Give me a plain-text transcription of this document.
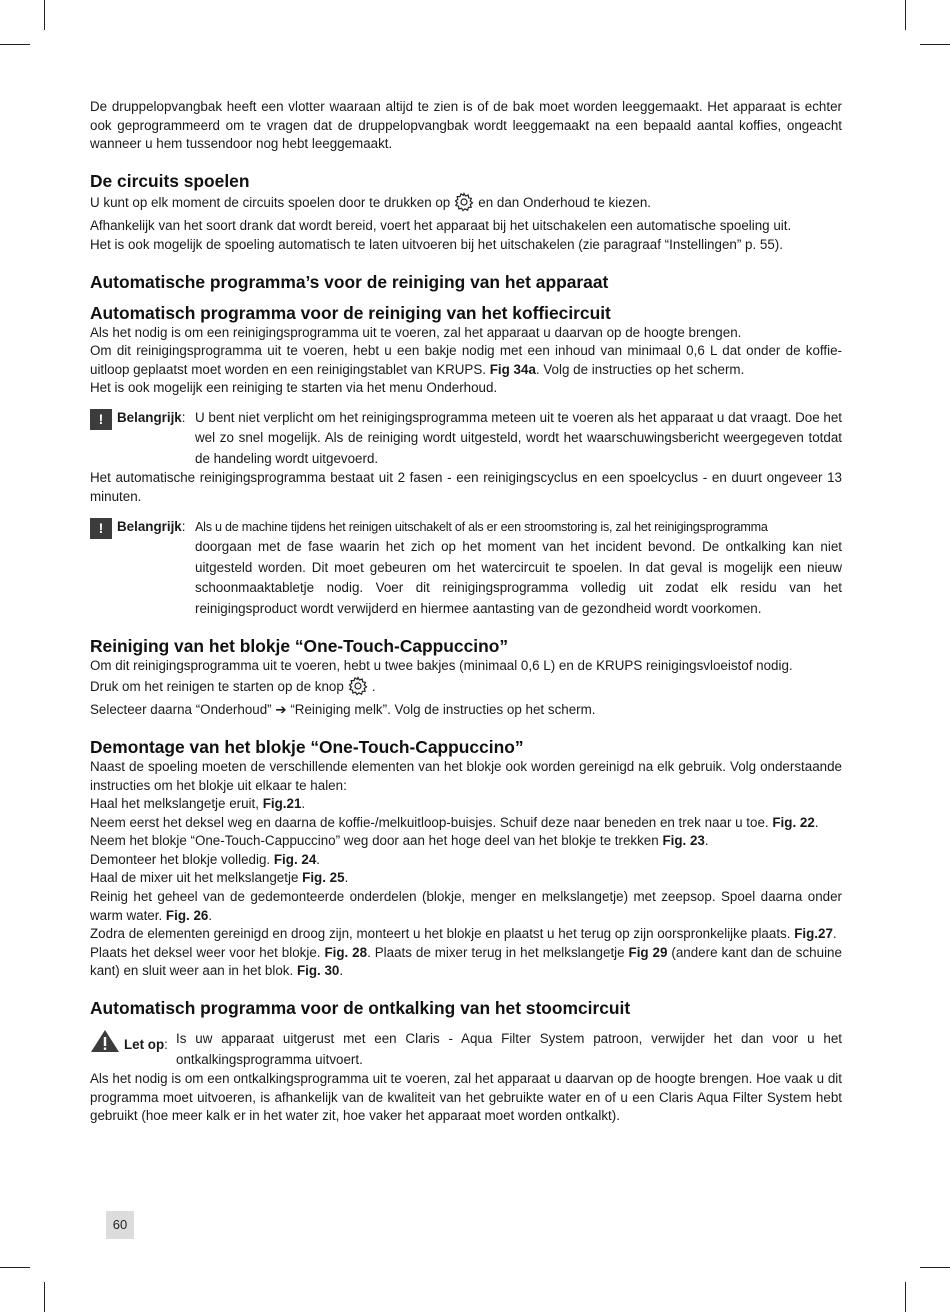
De druppelopvangbak heeft een vlotter waaraan altijd te zien is of de bak moet worden leeggemaakt. Het apparaat is echter ook geprogrammeerd om te vragen dat de druppelopvangbak wordt leeggemaakt na een bepaald aantal koffies, ongeacht wanneer u hem tussendoor nog hebt leeggemaakt.

De circuits spoelen

U kunt op elk moment de circuits spoelen door te drukken op en dan Onderhoud te kiezen.

Afhankelijk van het soort drank dat wordt bereid, voert het apparaat bij het uitschakelen een automatische spoeling uit.

Het is ook mogelijk de spoeling automatisch te laten uitvoeren bij het uitschakelen (zie paragraaf “Instellingen” p. 55).

Automatische programma’s voor de reiniging van het apparaat
Automatisch programma voor de reiniging van het koffiecircuit

Als het nodig is om een reinigingsprogramma uit te voeren, zal het apparaat u daarvan op de hoogte brengen.

Om dit reinigingsprogramma uit te voeren, hebt u een bakje nodig met een inhoud van minimaal 0,6 L dat onder de koffie-uitloop geplaatst moet worden en een reinigingstablet van KRUPS. Fig 34a. Volg de instructies op het scherm.

Het is ook mogelijk een reiniging te starten via het menu Onderhoud.

! Belangrijk: U bent niet verplicht om het reinigingsprogramma meteen uit te voeren als het apparaat u dat vraagt. Doe het wel zo snel mogelijk. Als de reiniging wordt uitgesteld, wordt het waarschuwingsbericht weergegeven totdat de handeling wordt uitgevoerd.

Het automatische reinigingsprogramma bestaat uit 2 fasen - een reinigingscyclus en een spoelcyclus - en duurt ongeveer 13 minuten.

! Belangrijk: Als u de machine tijdens het reinigen uitschakelt of als er een stroomstoring is, zal het reinigingsprogramma

doorgaan met de fase waarin het zich op het moment van het incident bevond. De ontkalking kan niet uitgesteld worden. Dit moet gebeuren om het watercircuit te spoelen. In dat geval is mogelijk een nieuw schoonmaaktabletje nodig. Voer dit reinigingsprogramma volledig uit zodat elk residu van het reinigingsproduct wordt verwijderd en hiermee aantasting van de gezondheid wordt voorkomen.

Reiniging van het blokje “One-Touch-Cappuccino”

Om dit reinigingsprogramma uit te voeren, hebt u twee bakjes (minimaal 0,6 L) en de KRUPS reinigingsvloeistof nodig.

Druk om het reinigen te starten op de knop .

Selecteer daarna “Onderhoud” ➔ “Reiniging melk”. Volg de instructies op het scherm.

Demontage van het blokje “One-Touch-Cappuccino”

Naast de spoeling moeten de verschillende elementen van het blokje ook worden gereinigd na elk gebruik. Volg onderstaande instructies om het blokje uit elkaar te halen:

Haal het melkslangetje eruit, Fig.21.

Neem eerst het deksel weg en daarna de koffie-/melkuitloop-buisjes. Schuif deze naar beneden en trek naar u toe. Fig. 22.

Neem het blokje “One-Touch-Cappuccino” weg door aan het hoge deel van het blokje te trekken Fig. 23.

Demonteer het blokje volledig. Fig. 24.

Haal de mixer uit het melkslangetje Fig. 25.

Reinig het geheel van de gedemonteerde onderdelen (blokje, menger en melkslangetje) met zeepsop. Spoel daarna onder warm water. Fig. 26.

Zodra de elementen gereinigd en droog zijn, monteert u het blokje en plaatst u het terug op zijn oorspronkelijke plaats. Fig.27.

Plaats het deksel weer voor het blokje. Fig. 28. Plaats de mixer terug in het melkslangetje Fig 29 (andere kant dan de schuine kant) en sluit weer aan in het blok. Fig. 30.

Automatisch programma voor de ontkalking van het stoomcircuit
Let op: Is uw apparaat uitgerust met een Claris - Aqua Filter System patroon, verwijder het dan voor u het ontkalkingsprogramma uitvoert.

Als het nodig is om een ontkalkingsprogramma uit te voeren, zal het apparaat u daarvan op de hoogte brengen. Hoe vaak u dit programma moet uitvoeren, is afhankelijk van de kwaliteit van het gebruikte water en of u een Claris Aqua Filter System hebt gebruikt (hoe meer kalk er in het water zit, hoe vaker het apparaat moet worden ontkalkt).

60
